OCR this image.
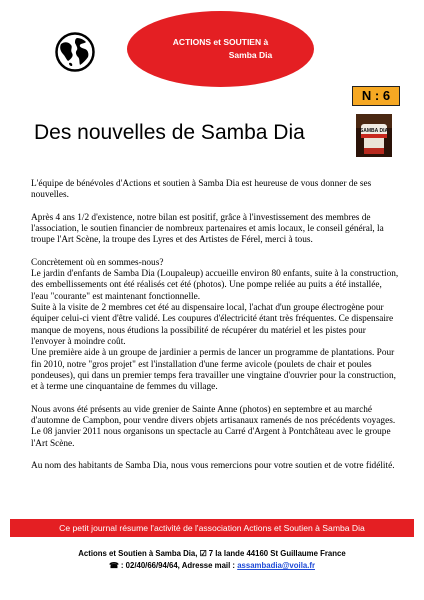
ACTIONS et SOUTIEN à
Samba Dia
N : 6
SAMBA DIA
Des nouvelles de Samba Dia

L'équipe de bénévoles d'Actions et soutien à Samba Dia est heureuse de vous donner de ses nouvelles.

Après 4 ans 1/2 d'existence, notre bilan est positif, grâce à l'investissement des membres de l'association, le soutien financier de nombreux partenaires et amis locaux, le conseil général, la troupe l'Art Scène, la troupe des Lyres et des Artistes de Férel, merci à tous.

Concrètement où en sommes-nous?
Le jardin d'enfants de Samba Dia (Loupaleup) accueille environ 80 enfants, suite à la construction, des embellissements ont été réalisés cet été (photos). Une pompe reliée au puits a été installée, l'eau "courante" est maintenant fonctionnelle.
Suite à la visite de 2 membres cet été au dispensaire local, l'achat d'un groupe électrogène pour équiper celui-ci vient d'être validé. Les coupures d'électricité étant très fréquentes. Ce dispensaire manque de moyens, nous étudions la possibilité de récupérer du matériel et les pistes pour l'envoyer à moindre coût.
Une première aide à un groupe de jardinier a permis de lancer un programme de plantations. Pour fin 2010, notre "gros projet" est l'installation d'une ferme avicole (poulets de chair et poules pondeuses), qui dans un premier temps fera travailler une vingtaine d'ouvrier pour la construction, et à terme une cinquantaine de femmes du village.

Nous avons été présents au vide grenier de Sainte Anne (photos) en septembre et au marché d'automne de Campbon, pour vendre divers objets artisanaux ramenés de nos précédents voyages.
Le 08 janvier 2011 nous organisons un spectacle au Carré d'Argent à Pontchâteau avec le groupe l'Art Scène.

Au nom des habitants de Samba Dia, nous vous remercions pour votre soutien et de votre fidélité.

Ce petit journal résume l'activité de l'association Actions et Soutien à Samba Dia
Actions et Soutien à Samba Dia, ☑ 7 la lande 44160 St Guillaume France
☎ : 02/40/66/94/64, Adresse mail : assambadia@voila.fr
